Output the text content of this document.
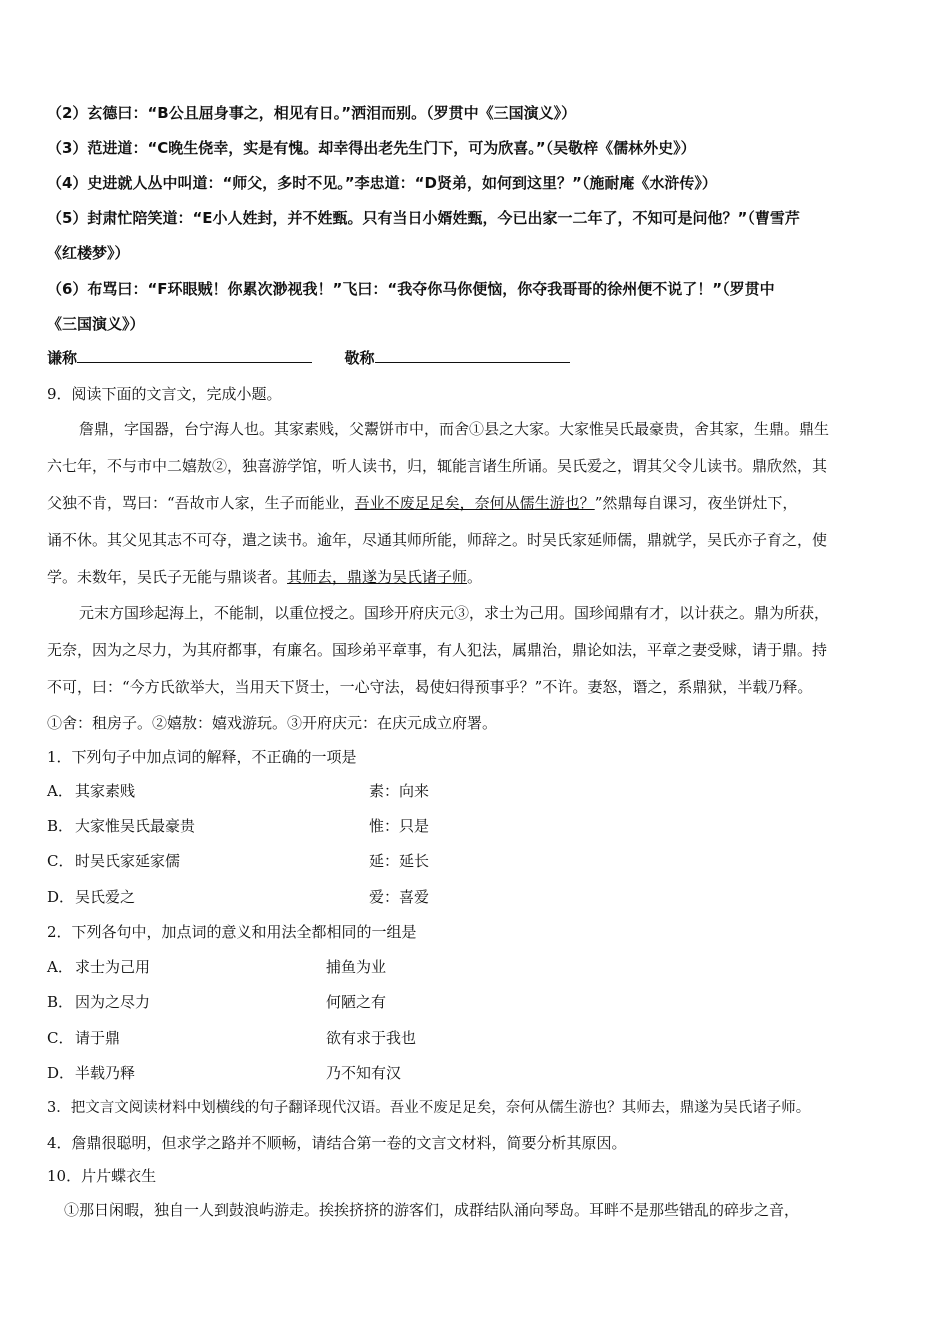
（2）玄德曰：“B公且屈身事之，相见有日。”洒泪而别。（罗贯中《三国演义》）
（3）范进道：“C晚生侥幸，实是有愧。却幸得出老先生门下，可为欣喜。”（吴敬梓《儒林外史》）
（4）史进就人丛中叫道：“师父，多时不见。”李忠道：“D贤弟，如何到这里？”（施耐庵《水浒传》）
（5）封肃忙陪笑道：“E小人姓封，并不姓甄。只有当日小婿姓甄，今已出家一二年了，不知可是问他？”（曹雪芹
《红楼梦》）
（6）布骂曰：“F环眼贼！你累次渺视我！”飞曰：“我夺你马你便恼，你夺我哥哥的徐州便不说了！”（罗贯中
《三国演义》）
谦称	敬称
9．阅读下面的文言文，完成小题。
詹鼎，字国器，台宁海人也。其家素贱，父鬻饼市中，而舍①县之大家。大家惟吴氏最豪贵，舍其家，生鼎。鼎生
六七年，不与市中二嬉敖②，独喜游学馆，听人读书，归，辄能言诸生所诵。吴氏爱之，谓其父令儿读书。鼎欣然，其
父独不肯，骂曰：“吾故市人家，生子而能业，吾业不废足足矣，奈何从儒生游也？”然鼎每自课习，夜坐饼灶下，
诵不休。其父见其志不可夺，遣之读书。逾年，尽通其师所能，师辞之。时吴氏家延师儒，鼎就学，吴氏亦子育之，使
学。未数年，吴氏子无能与鼎谈者。其师去，鼎遂为吴氏诸子师。
元末方国珍起海上，不能制，以重位授之。国珍开府庆元③，求士为己用。国珍闻鼎有才，以计获之。鼎为所获，
无奈，因为之尽力，为其府都事，有廉名。国珍弟平章事，有人犯法，属鼎治，鼎论如法，平章之妻受赇，请于鼎。持
不可，曰：“今方氏欲举大，当用天下贤士，一心守法，曷使妇得预事乎？”不许。妻怒，谮之，系鼎狱，半载乃释。
①舍：租房子。②嬉敖：嬉戏游玩。③开府庆元：在庆元成立府署。
1．下列句子中加点词的解释，不正确的一项是
A． 其家素贱	素：向来
B． 大家惟吴氏最豪贵	惟：只是
C． 时吴氏家延家儒	延：延长
D．吴氏爱之	爱：喜爱
2．下列各句中，加点词的意义和用法全都相同的一组是
A． 求士为己用	捕鱼为业
B． 因为之尽力	何陋之有
C． 请于鼎	欲有求于我也
D．半载乃释	乃不知有汉
3．把文言文阅读材料中划横线的句子翻译现代汉语。吾业不废足足矣，奈何从儒生游也？其师去，鼎遂为吴氏诸子师。
4．詹鼎很聪明，但求学之路并不顺畅，请结合第一卷的文言文材料，简要分析其原因。
10．片片蝶衣生
①那日闲暇，独自一人到鼓浪屿游走。挨挨挤挤的游客们，成群结队涌向琴岛。耳畔不是那些错乱的碎步之音，
